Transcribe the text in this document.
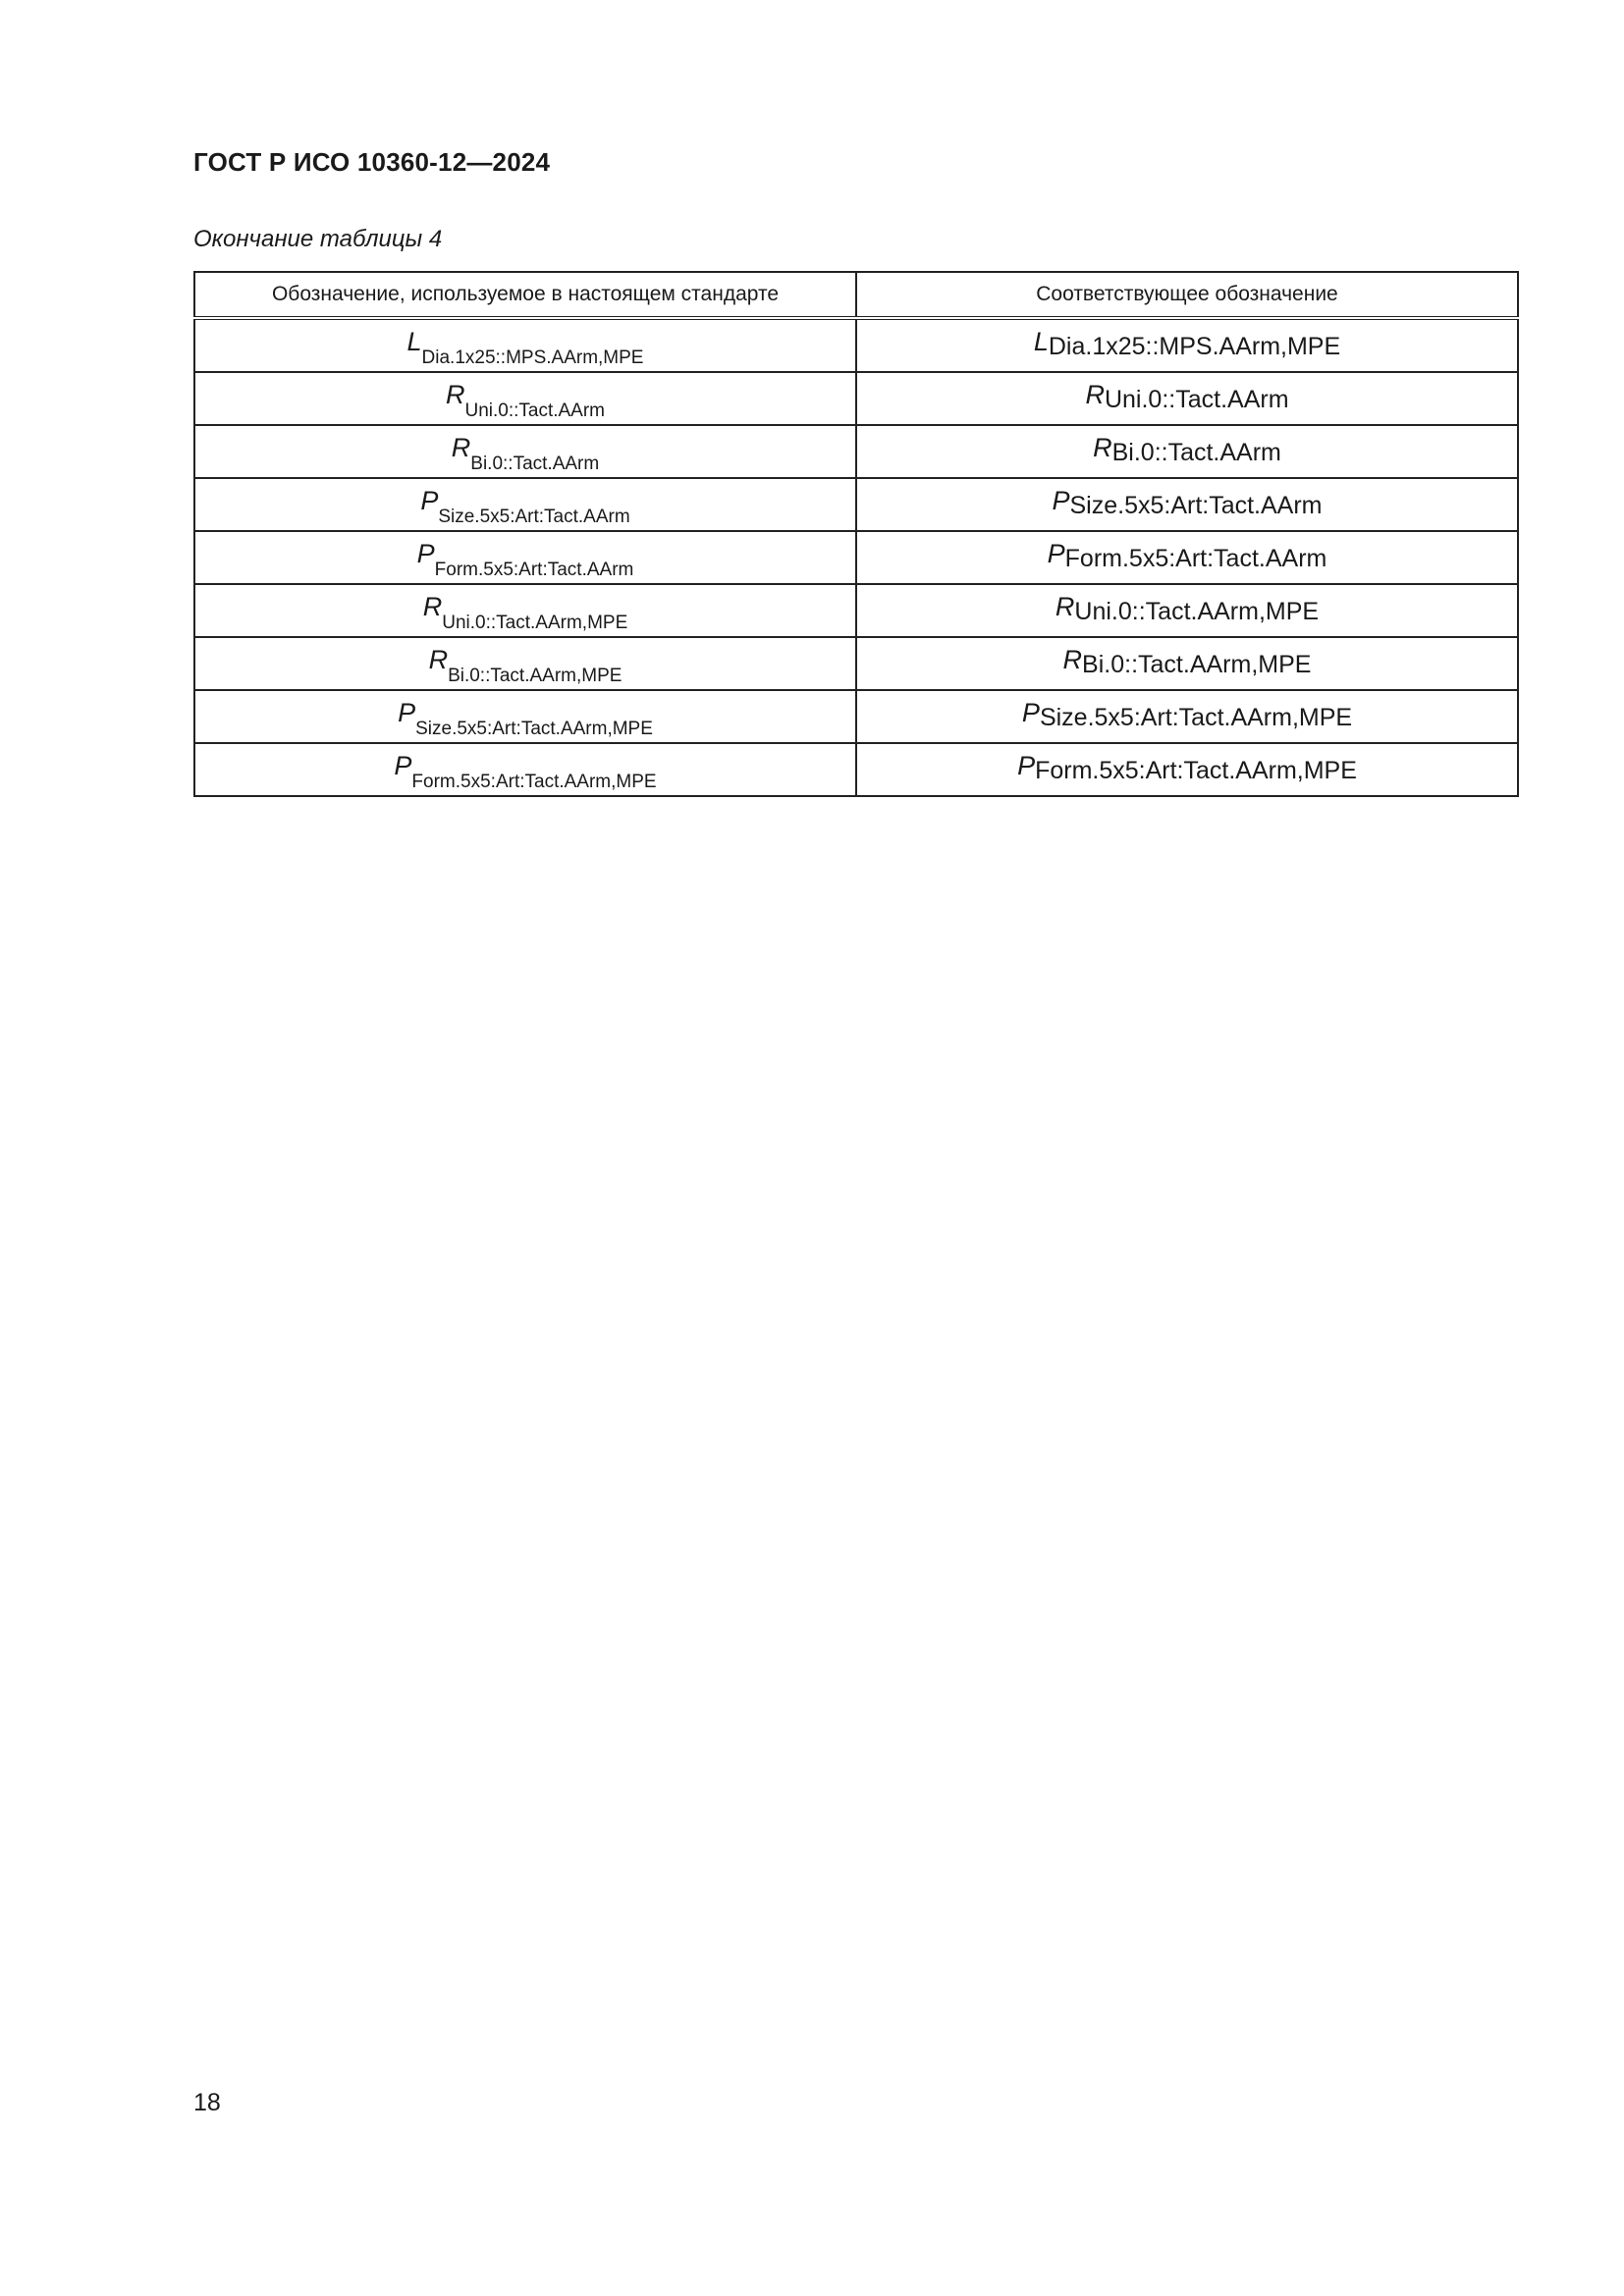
ГОСТ Р ИСО 10360-12—2024
Окончание таблицы 4
Обозначение, используемое в настоящем стандарте	Соответствующее обозначение
$L_{Dia.1x25::MPS.AArm,MPE}$	LDia.1x25::MPS.AArm,MPE
$R_{Uni.0::Tact.AArm}$	RUni.0::Tact.AArm
$R_{Bi.0::Tact.AArm}$	RBi.0::Tact.AArm
$P_{Size.5x5:Art:Tact.AArm}$	PSize.5x5:Art:Tact.AArm
$P_{Form.5x5:Art:Tact.AArm}$	PForm.5x5:Art:Tact.AArm
$R_{Uni.0::Tact.AArm,MPE}$	RUni.0::Tact.AArm,MPE
$R_{Bi.0::Tact.AArm,MPE}$	RBi.0::Tact.AArm,MPE
$P_{Size.5x5:Art:Tact.AArm,MPE}$	PSize.5x5:Art:Tact.AArm,MPE
$P_{Form.5x5:Art:Tact.AArm,MPE}$	PForm.5x5:Art:Tact.AArm,MPE
18
